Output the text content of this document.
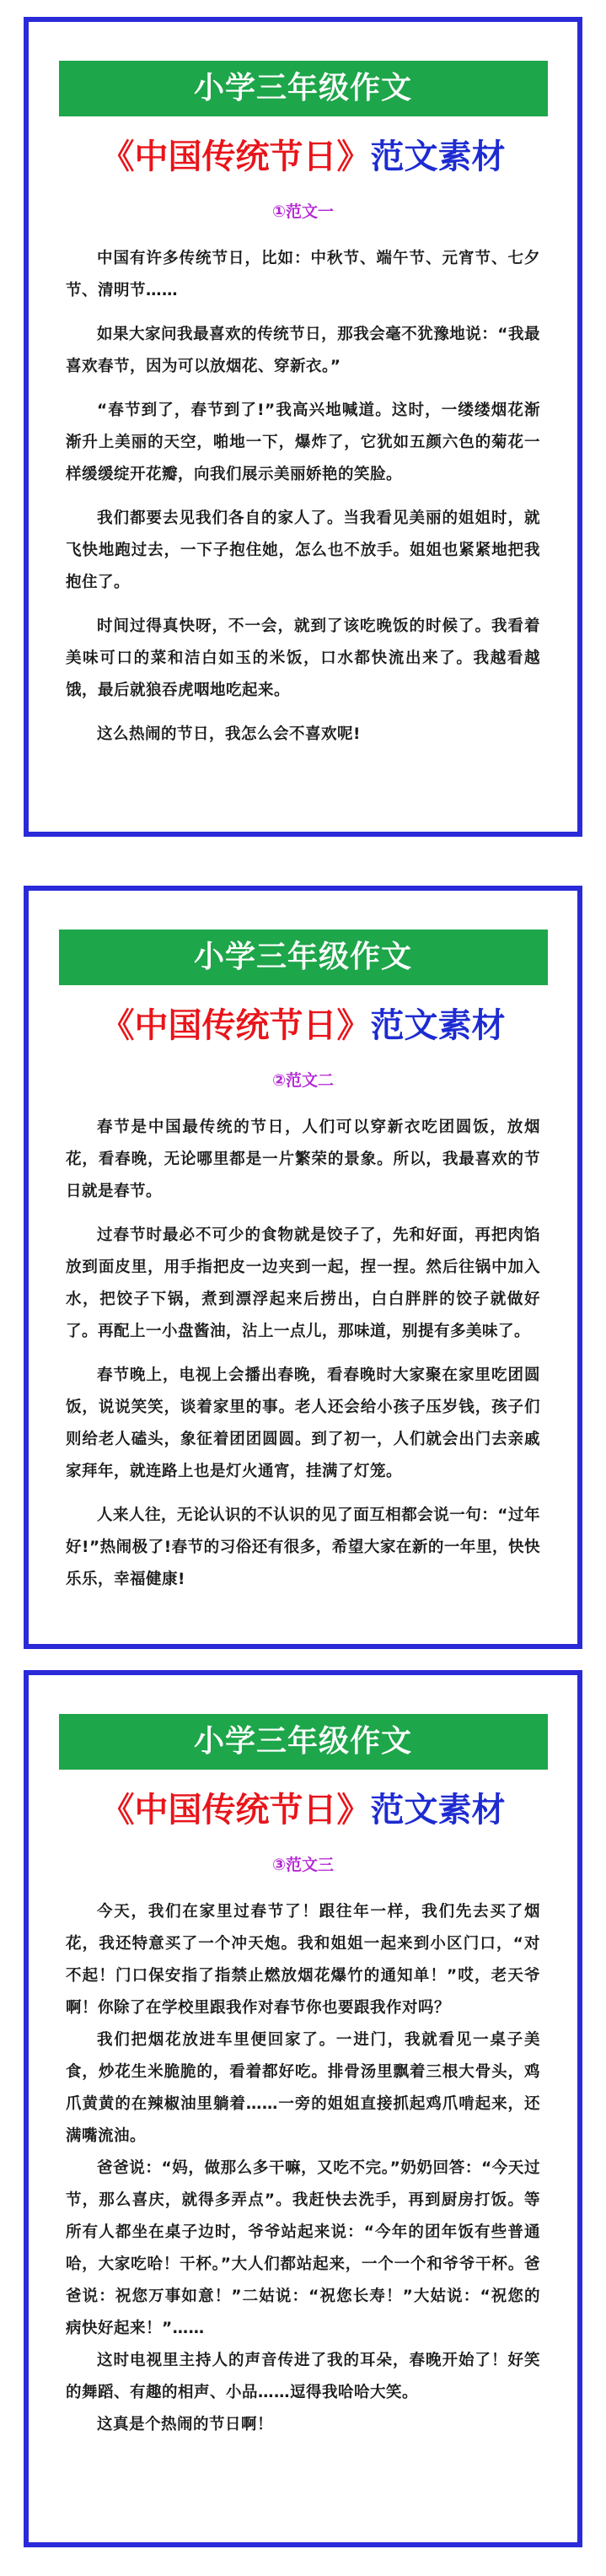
小学三年级作文
《中国传统节日》范文素材
①范文一

中国有许多传统节日，比如：中秋节、端午节、元宵节、七夕节、清明节……

如果大家问我最喜欢的传统节日，那我会毫不犹豫地说：“我最喜欢春节，因为可以放烟花、穿新衣。”

“春节到了，春节到了!”我高兴地喊道。这时，一缕缕烟花渐渐升上美丽的天空，啪地一下，爆炸了，它犹如五颜六色的菊花一样缓缓绽开花瓣，向我们展示美丽娇艳的笑脸。

我们都要去见我们各自的家人了。当我看见美丽的姐姐时，就飞快地跑过去，一下子抱住她，怎么也不放手。姐姐也紧紧地把我抱住了。

时间过得真快呀，不一会，就到了该吃晚饭的时候了。我看着美味可口的菜和洁白如玉的米饭，口水都快流出来了。我越看越饿，最后就狼吞虎咽地吃起来。

这么热闹的节日，我怎么会不喜欢呢!

小学三年级作文
《中国传统节日》范文素材
②范文二

春节是中国最传统的节日，人们可以穿新衣吃团圆饭，放烟花，看春晚，无论哪里都是一片繁荣的景象。所以，我最喜欢的节日就是春节。

过春节时最必不可少的食物就是饺子了，先和好面，再把肉馅放到面皮里，用手指把皮一边夹到一起，捏一捏。然后往锅中加入水，把饺子下锅，煮到漂浮起来后捞出，白白胖胖的饺子就做好了。再配上一小盘酱油，沾上一点儿，那味道，别提有多美味了。

春节晚上，电视上会播出春晚，看春晚时大家聚在家里吃团圆饭，说说笑笑，谈着家里的事。老人还会给小孩子压岁钱，孩子们则给老人磕头，象征着团团圆圆。到了初一，人们就会出门去亲戚家拜年，就连路上也是灯火通宵，挂满了灯笼。

人来人往，无论认识的不认识的见了面互相都会说一句：“过年好!”热闹极了!春节的习俗还有很多，希望大家在新的一年里，快快乐乐，幸福健康!

小学三年级作文
《中国传统节日》范文素材
③范文三

今天，我们在家里过春节了！跟往年一样，我们先去买了烟花，我还特意买了一个冲天炮。我和姐姐一起来到小区门口，“对不起！门口保安指了指禁止燃放烟花爆竹的通知单！”哎，老天爷啊！你除了在学校里跟我作对春节你也要跟我作对吗？

我们把烟花放进车里便回家了。一进门，我就看见一桌子美食，炒花生米脆脆的，看着都好吃。排骨汤里飘着三根大骨头，鸡爪黄黄的在辣椒油里躺着……一旁的姐姐直接抓起鸡爪啃起来，还满嘴流油。

爸爸说：“妈，做那么多干嘛，又吃不完。”奶奶回答：“今天过节，那么喜庆，就得多弄点”。我赶快去洗手，再到厨房打饭。等所有人都坐在桌子边时，爷爷站起来说：“今年的团年饭有些普通哈，大家吃哈！干杯。”大人们都站起来，一个一个和爷爷干杯。爸爸说：祝您万事如意！”二姑说：“祝您长寿！”大姑说：“祝您的病快好起来！”……

这时电视里主持人的声音传进了我的耳朵，春晚开始了！好笑的舞蹈、有趣的相声、小品……逗得我哈哈大笑。

这真是个热闹的节日啊！
